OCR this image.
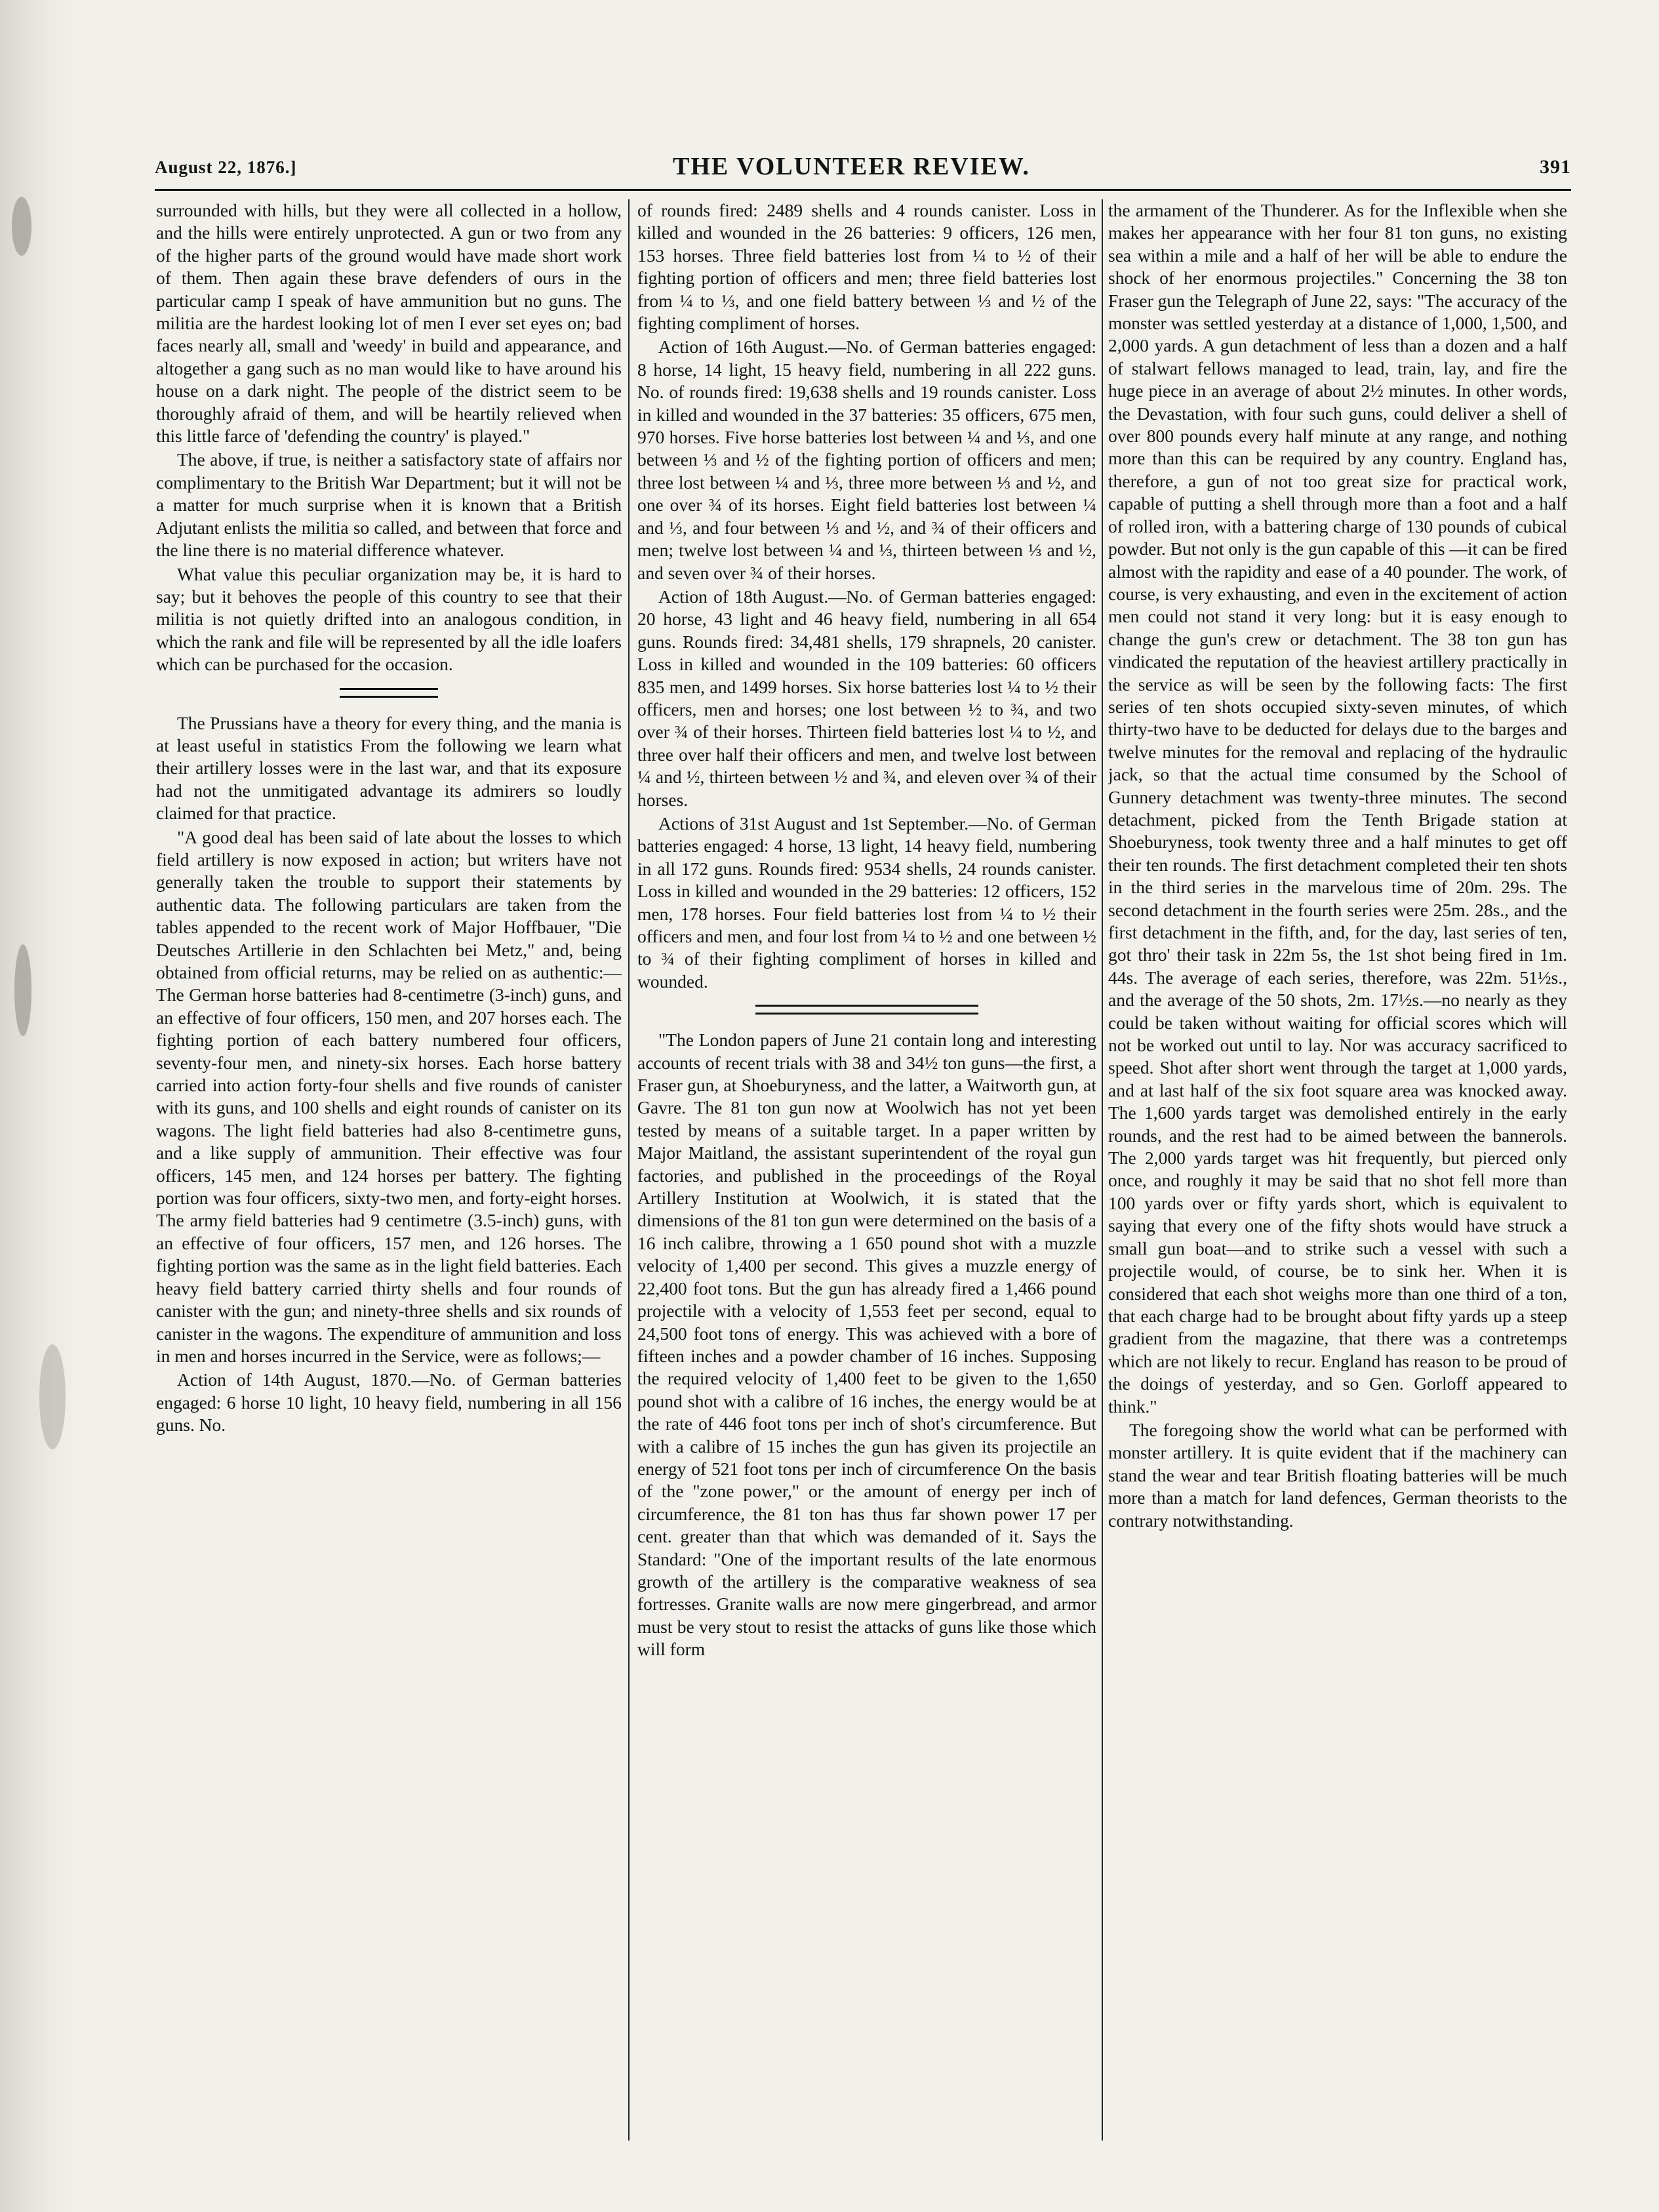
August 22, 1876.]	THE VOLUNTEER REVIEW.	391

surrounded with hills, but they were all collected in a hollow, and the hills were entirely unprotected. A gun or two from any of the higher parts of the ground would have made short work of them. Then again these brave defenders of ours in the particular camp I speak of have ammunition but no guns. The militia are the hardest looking lot of men I ever set eyes on; bad faces nearly all, small and 'weedy' in build and appearance, and altogether a gang such as no man would like to have around his house on a dark night. The people of the district seem to be thoroughly afraid of them, and will be heartily relieved when this little farce of 'defending the country' is played."

The above, if true, is neither a satisfactory state of affairs nor complimentary to the British War Department; but it will not be a matter for much surprise when it is known that a British Adjutant enlists the militia so called, and between that force and the line there is no material difference whatever.

What value this peculiar organization may be, it is hard to say; but it behoves the people of this country to see that their militia is not quietly drifted into an analogous condition, in which the rank and file will be represented by all the idle loafers which can be purchased for the occasion.

The Prussians have a theory for every thing, and the mania is at least useful in statistics From the following we learn what their artillery losses were in the last war, and that its exposure had not the unmitigated advantage its admirers so loudly claimed for that practice.

"A good deal has been said of late about the losses to which field artillery is now exposed in action; but writers have not generally taken the trouble to support their statements by authentic data. The following particulars are taken from the tables appended to the recent work of Major Hoffbauer, "Die Deutsches Artillerie in den Schlachten bei Metz," and, being obtained from official returns, may be relied on as authentic:—The German horse batteries had 8-centimetre (3-inch) guns, and an effective of four officers, 150 men, and 207 horses each. The fighting portion of each battery numbered four officers, seventy-four men, and ninety-six horses. Each horse battery carried into action forty-four shells and five rounds of canister with its guns, and 100 shells and eight rounds of canister on its wagons. The light field batteries had also 8-centimetre guns, and a like supply of ammunition. Their effective was four officers, 145 men, and 124 horses per battery. The fighting portion was four officers, sixty-two men, and forty-eight horses. The army field batteries had 9 centimetre (3.5-inch) guns, with an effective of four officers, 157 men, and 126 horses. The fighting portion was the same as in the light field batteries. Each heavy field battery carried thirty shells and four rounds of canister with the gun; and ninety-three shells and six rounds of canister in the wagons. The expenditure of ammunition and loss in men and horses incurred in the Service, were as follows;—

Action of 14th August, 1870.—No. of German batteries engaged: 6 horse 10 light, 10 heavy field, numbering in all 156 guns. No.

of rounds fired: 2489 shells and 4 rounds canister. Loss in killed and wounded in the 26 batteries: 9 officers, 126 men, 153 horses. Three field batteries lost from ¼ to ½ of their fighting portion of officers and men; three field batteries lost from ¼ to ⅓, and one field battery between ⅓ and ½ of the fighting compliment of horses.

Action of 16th August.—No. of German batteries engaged: 8 horse, 14 light, 15 heavy field, numbering in all 222 guns. No. of rounds fired: 19,638 shells and 19 rounds canister. Loss in killed and wounded in the 37 batteries: 35 officers, 675 men, 970 horses. Five horse batteries lost between ¼ and ⅓, and one between ⅓ and ½ of the fighting portion of officers and men; three lost between ¼ and ⅓, three more between ⅓ and ½, and one over ¾ of its horses. Eight field batteries lost between ¼ and ⅓, and four between ⅓ and ½, and ¾ of their officers and men; twelve lost between ¼ and ⅓, thirteen between ⅓ and ½, and seven over ¾ of their horses.

Action of 18th August.—No. of German batteries engaged: 20 horse, 43 light and 46 heavy field, numbering in all 654 guns. Rounds fired: 34,481 shells, 179 shrapnels, 20 canister. Loss in killed and wounded in the 109 batteries: 60 officers 835 men, and 1499 horses. Six horse batteries lost ¼ to ½ their officers, men and horses; one lost between ½ to ¾, and two over ¾ of their horses. Thirteen field batteries lost ¼ to ½, and three over half their officers and men, and twelve lost between ¼ and ½, thirteen between ½ and ¾, and eleven over ¾ of their horses.

Actions of 31st August and 1st September.—No. of German batteries engaged: 4 horse, 13 light, 14 heavy field, numbering in all 172 guns. Rounds fired: 9534 shells, 24 rounds canister. Loss in killed and wounded in the 29 batteries: 12 officers, 152 men, 178 horses. Four field batteries lost from ¼ to ½ their officers and men, and four lost from ¼ to ½ and one between ½ to ¾ of their fighting compliment of horses in killed and wounded.

"The London papers of June 21 contain long and interesting accounts of recent trials with 38 and 34½ ton guns—the first, a Fraser gun, at Shoeburyness, and the latter, a Waitworth gun, at Gavre. The 81 ton gun now at Woolwich has not yet been tested by means of a suitable target. In a paper written by Major Maitland, the assistant superintendent of the royal gun factories, and published in the proceedings of the Royal Artillery Institution at Woolwich, it is stated that the dimensions of the 81 ton gun were determined on the basis of a 16 inch calibre, throwing a 1 650 pound shot with a muzzle velocity of 1,400 per second. This gives a muzzle energy of 22,400 foot tons. But the gun has already fired a 1,466 pound projectile with a velocity of 1,553 feet per second, equal to 24,500 foot tons of energy. This was achieved with a bore of fifteen inches and a powder chamber of 16 inches. Supposing the required velocity of 1,400 feet to be given to the 1,650 pound shot with a calibre of 16 inches, the energy would be at the rate of 446 foot tons per inch of shot's circumference. But with a calibre of 15 inches the gun has given its projectile an energy of 521 foot tons per inch of circumference On the basis of the "zone power," or the amount of energy per inch of circumference, the 81 ton has thus far shown power 17 per cent. greater than that which was demanded of it. Says the Standard: "One of the important results of the late enormous growth of the artillery is the comparative weakness of sea fortresses. Granite walls are now mere gingerbread, and armor must be very stout to resist the attacks of guns like those which will form

the armament of the Thunderer. As for the Inflexible when she makes her appearance with her four 81 ton guns, no existing sea within a mile and a half of her will be able to endure the shock of her enormous projectiles." Concerning the 38 ton Fraser gun the Telegraph of June 22, says: "The accuracy of the monster was settled yesterday at a distance of 1,000, 1,500, and 2,000 yards. A gun detachment of less than a dozen and a half of stalwart fellows managed to lead, train, lay, and fire the huge piece in an average of about 2½ minutes. In other words, the Devastation, with four such guns, could deliver a shell of over 800 pounds every half minute at any range, and nothing more than this can be required by any country. England has, therefore, a gun of not too great size for practical work, capable of putting a shell through more than a foot and a half of rolled iron, with a battering charge of 130 pounds of cubical powder. But not only is the gun capable of this —it can be fired almost with the rapidity and ease of a 40 pounder. The work, of course, is very exhausting, and even in the excitement of action men could not stand it very long: but it is easy enough to change the gun's crew or detachment. The 38 ton gun has vindicated the reputation of the heaviest artillery practically in the service as will be seen by the following facts: The first series of ten shots occupied sixty-seven minutes, of which thirty-two have to be deducted for delays due to the barges and twelve minutes for the removal and replacing of the hydraulic jack, so that the actual time consumed by the School of Gunnery detachment was twenty-three minutes. The second detachment, picked from the Tenth Brigade station at Shoeburyness, took twenty three and a half minutes to get off their ten rounds. The first detachment completed their ten shots in the third series in the marvelous time of 20m. 29s. The second detachment in the fourth series were 25m. 28s., and the first detachment in the fifth, and, for the day, last series of ten, got thro' their task in 22m 5s, the 1st shot being fired in 1m. 44s. The average of each series, therefore, was 22m. 51½s., and the average of the 50 shots, 2m. 17½s.—no nearly as they could be taken without waiting for official scores which will not be worked out until to lay. Nor was accuracy sacrificed to speed. Shot after short went through the target at 1,000 yards, and at last half of the six foot square area was knocked away. The 1,600 yards target was demolished entirely in the early rounds, and the rest had to be aimed between the bannerols. The 2,000 yards target was hit frequently, but pierced only once, and roughly it may be said that no shot fell more than 100 yards over or fifty yards short, which is equivalent to saying that every one of the fifty shots would have struck a small gun boat—and to strike such a vessel with such a projectile would, of course, be to sink her. When it is considered that each shot weighs more than one third of a ton, that each charge had to be brought about fifty yards up a steep gradient from the magazine, that there was a contretemps which are not likely to recur. England has reason to be proud of the doings of yesterday, and so Gen. Gorloff appeared to think."

The foregoing show the world what can be performed with monster artillery. It is quite evident that if the machinery can stand the wear and tear British floating batteries will be much more than a match for land defences, German theorists to the contrary notwithstanding.
